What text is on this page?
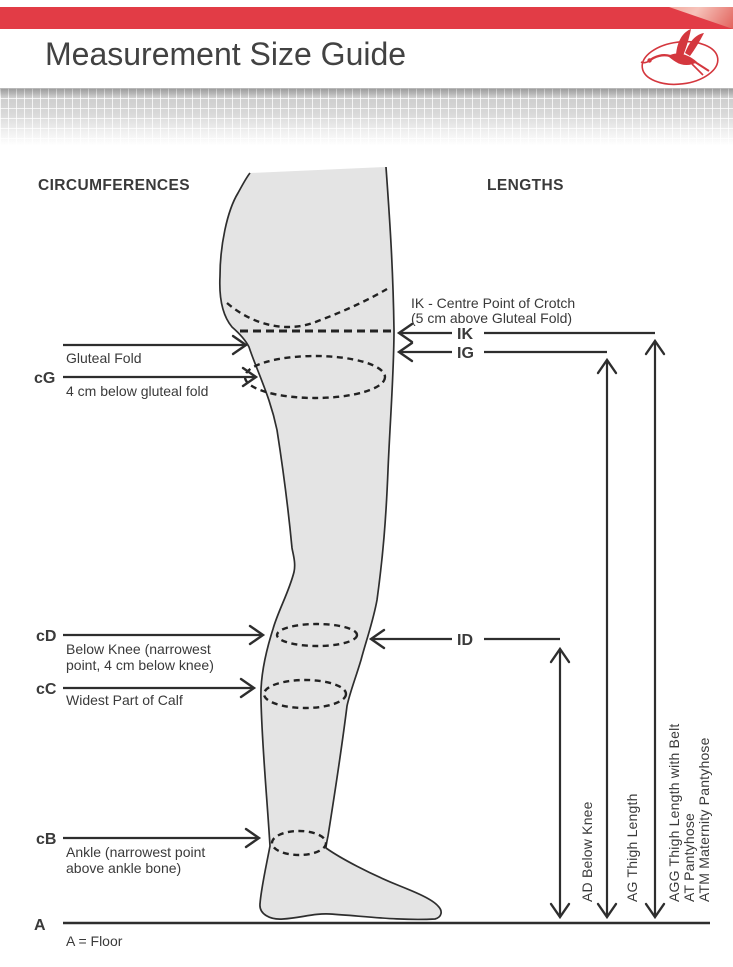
Measurement Size Guide
CIRCUMFERENCES	LENGTHS
cG
Gluteal Fold
4 cm below gluteal fold
cD
Below Knee (narrowest
point, 4 cm below knee)
cC
Widest Part of Calf
cB
Ankle (narrowest point
above ankle bone)
A
A = Floor
IK - Centre Point of Crotch
(5 cm above Gluteal Fold)
IK
IG
ID
AD Below Knee AG Thigh Length AGG Thigh Length with Belt AT Pantyhose ATM Maternity Pantyhose
